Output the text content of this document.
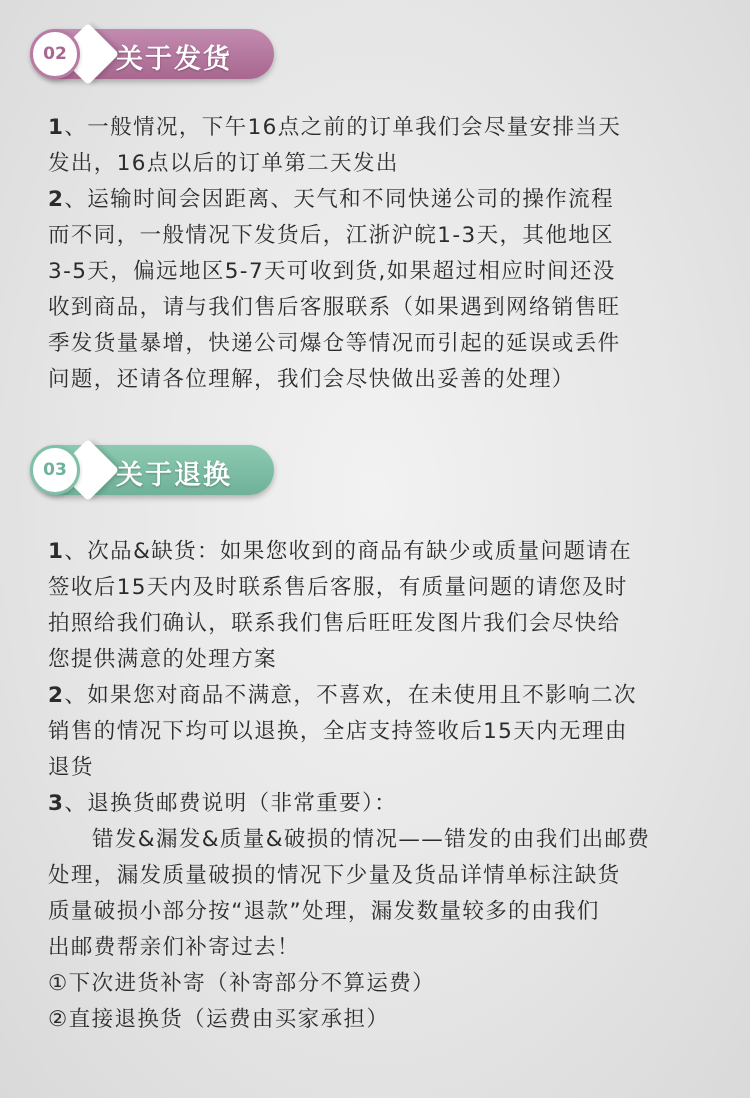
02	关于发货
1、一般情况，下午16点之前的订单我们会尽量安排当天
发出，16点以后的订单第二天发出
2、运输时间会因距离、天气和不同快递公司的操作流程
而不同，一般情况下发货后，江浙沪皖1-3天，其他地区
3-5天，偏远地区5-7天可收到货,如果超过相应时间还没
收到商品，请与我们售后客服联系（如果遇到网络销售旺
季发货量暴增，快递公司爆仓等情况而引起的延误或丢件
问题，还请各位理解，我们会尽快做出妥善的处理）
03	关于退换
1、次品&缺货：如果您收到的商品有缺少或质量问题请在
签收后15天内及时联系售后客服，有质量问题的请您及时
拍照给我们确认，联系我们售后旺旺发图片我们会尽快给
您提供满意的处理方案
2、如果您对商品不满意，不喜欢，在未使用且不影响二次
销售的情况下均可以退换，全店支持签收后15天内无理由
退货
3、退换货邮费说明（非常重要）：
错发&漏发&质量&破损的情况——错发的由我们出邮费
处理，漏发质量破损的情况下少量及货品详情单标注缺货
质量破损小部分按“退款”处理，漏发数量较多的由我们
出邮费帮亲们补寄过去！
①下次进货补寄（补寄部分不算运费）
②直接退换货（运费由买家承担）
